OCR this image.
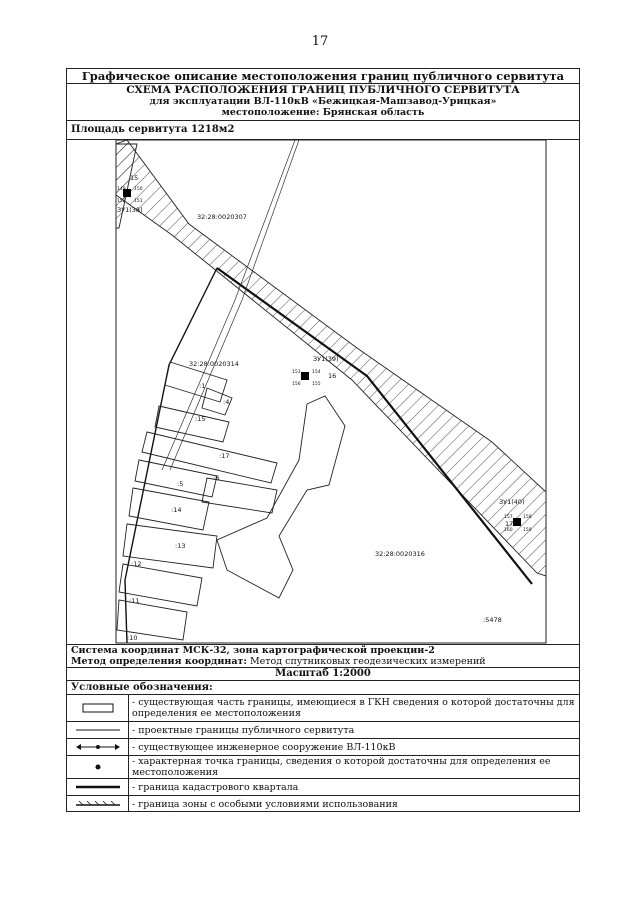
17
Графическое описание местоположения границ публичного сервитута
СХЕМА РАСПОЛОЖЕНИЯ ГРАНИЦ ПУБЛИЧНОГО СЕРВИТУТА
для эксплуатации ВЛ-110кВ «Бежицкая-Машзавод-Урицкая»
местоположение: Брянская область
Площадь сервитута 1218м2
15
149 150
152 151
ЗУ1(38)
32:28:0020307
ЗУ1(39)
16
153	154
156	155
ЗУ1(40)
17
157 158
160 159
32:28:0020314
32:28:0020316
:1
:4
:15
:17
:5
:6
:14
:13
:12
:11
:10
:5478
Система координат МСК-32, зона картографической проекции-2
Метод определения координат: Метод спутниковых геодезических измерений
Масштаб 1:2000
Условные обозначения:
	- существующая часть границы, имеющиеся в ГКН сведения о которой достаточны для определения ее местоположения

	- проектные границы публичного сервитута

	- существующее инженерное сооружение ВЛ-110кВ

	- характерная точка границы, сведения о которой достаточны для определения ее местоположения

	- граница кадастрового квартала

	- граница зоны с особыми условиями использования
